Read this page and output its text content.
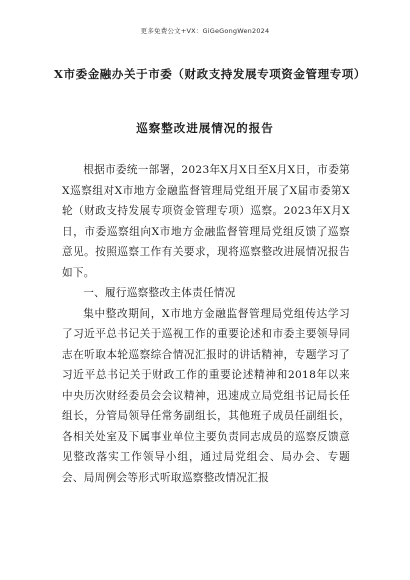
更多免费公文+VX：GiGeGongWen2024
X市委金融办关于市委（财政支持发展专项资金管理专项）
巡察整改进展情况的报告

根据市委统一部署，2023年X月X日至X月X日，市委第X巡察组对X市地方金融监督管理局党组开展了X届市委第X轮（财政支持发展专项资金管理专项）巡察。2023年X月X日，市委巡察组向X市地方金融监督管理局党组反馈了巡察意见。按照巡察工作有关要求，现将巡察整改进展情况报告如下。

一、履行巡察整改主体责任情况

集中整改期间，X市地方金融监督管理局党组传达学习了习近平总书记关于巡视工作的重要论述和市委主要领导同志在听取本轮巡察综合情况汇报时的讲话精神，专题学习了习近平总书记关于财政工作的重要论述精神和2018年以来中央历次财经委员会会议精神，迅速成立局党组书记局长任组长，分管局领导任常务副组长，其他班子成员任副组长，各相关处室及下属事业单位主要负责同志成员的巡察反馈意见整改落实工作领导小组，通过局党组会、局办会、专题会、局周例会等形式听取巡察整改情况汇报
